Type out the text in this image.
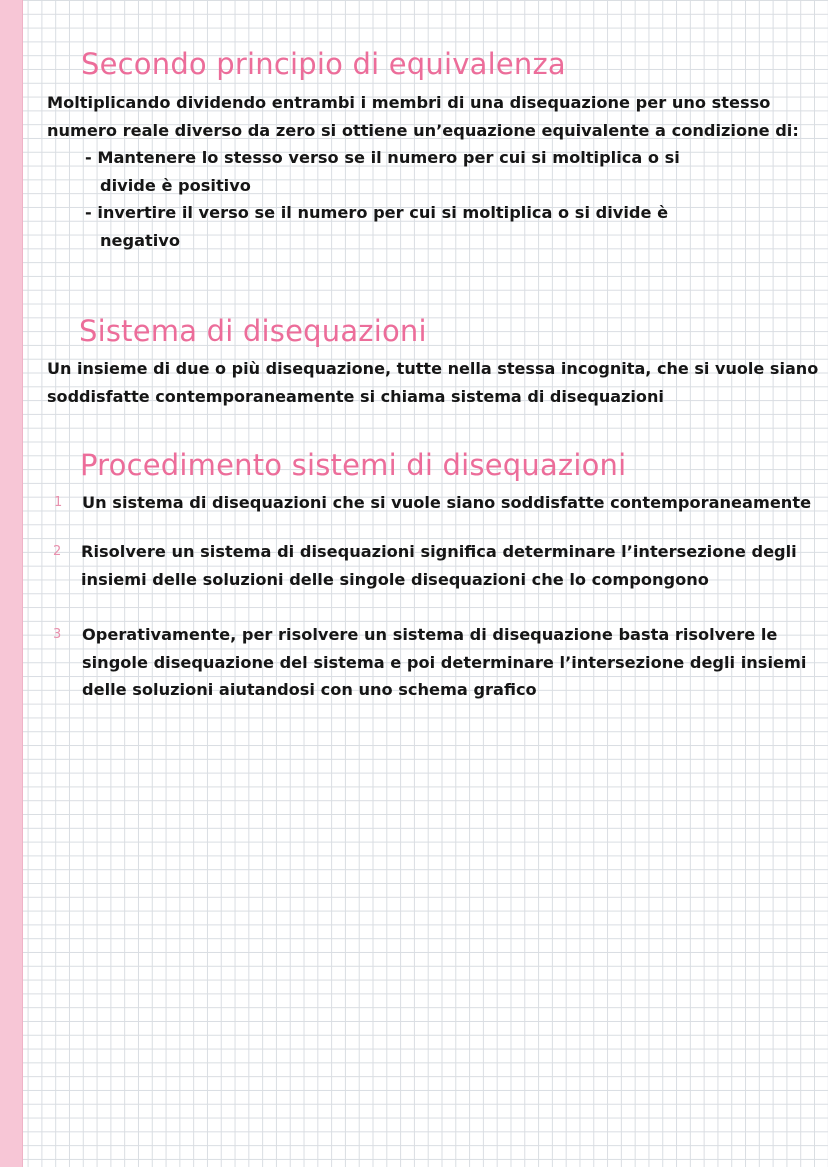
Secondo principio di equivalenza
Moltiplicando dividendo entrambi i membri di una disequazione per uno stesso
numero reale diverso da zero si ottiene un’equazione equivalente a condizione di:
- Mantenere lo stesso verso se il numero per cui si moltiplica o si
divide è positivo
- invertire il verso se il numero per cui si moltiplica o si divide è
negativo
Sistema di disequazioni
Un insieme di due o più disequazione, tutte nella stessa incognita, che si vuole siano
soddisfatte contemporaneamente si chiama sistema di disequazioni
Procedimento sistemi di disequazioni
1 Un sistema di disequazioni che si vuole siano soddisfatte contemporaneamente
2 Risolvere un sistema di disequazioni significa determinare l’intersezione degli
insiemi delle soluzioni delle singole disequazioni che lo compongono
3 Operativamente, per risolvere un sistema di disequazione basta risolvere le
singole disequazione del sistema e poi determinare l’intersezione degli insiemi
delle soluzioni aiutandosi con uno schema grafico
